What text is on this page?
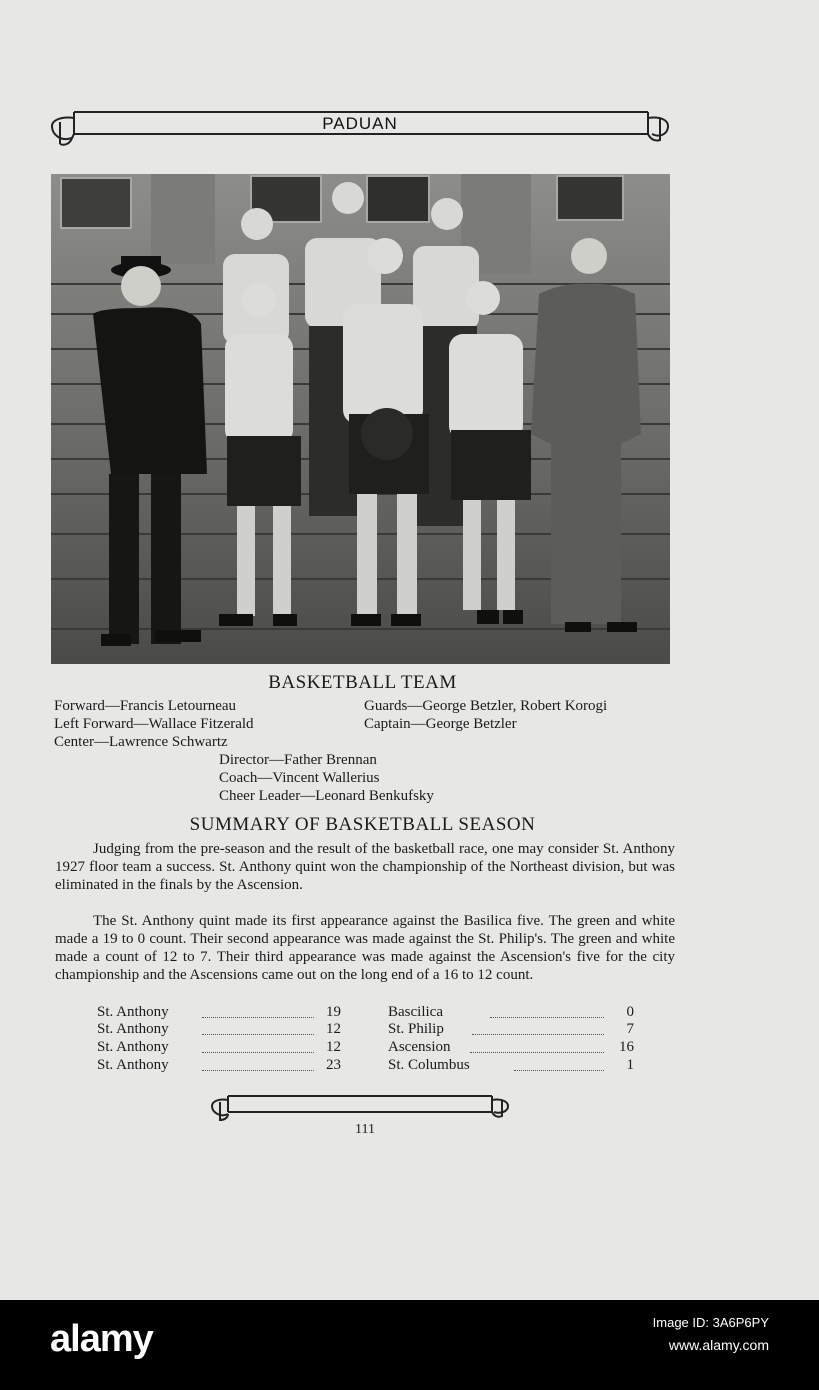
PADUAN
BASKETBALL TEAM
Forward—Francis Letourneau
Left Forward—Wallace Fitzerald
Center—Lawrence Schwartz
Guards—George Betzler, Robert Korogi
Captain—George Betzler
Director—Father Brennan
Coach—Vincent Wallerius
Cheer Leader—Leonard Benkufsky
SUMMARY OF BASKETBALL SEASON
Judging from the pre-season and the result of the basketball race, one may consider St. Anthony 1927 floor team a success. St. Anthony quint won the championship of the Northeast division, but was eliminated in the finals by the Ascension.
The St. Anthony quint made its first appearance against the Basilica five. The green and white made a 19 to 0 count. Their second appearance was made against the St. Philip's. The green and white made a count of 12 to 7. Their third appearance was made against the Ascension's five for the city championship and the Ascensions came out on the long end of a 16 to 12 count.
St. Anthony	19	Bascilica	0
St. Anthony	12	St. Philip	7
St. Anthony	12	Ascension	16
St. Anthony	23	St. Columbus	1
111
alamy	Image ID: 3A6P6PY
www.alamy.com
